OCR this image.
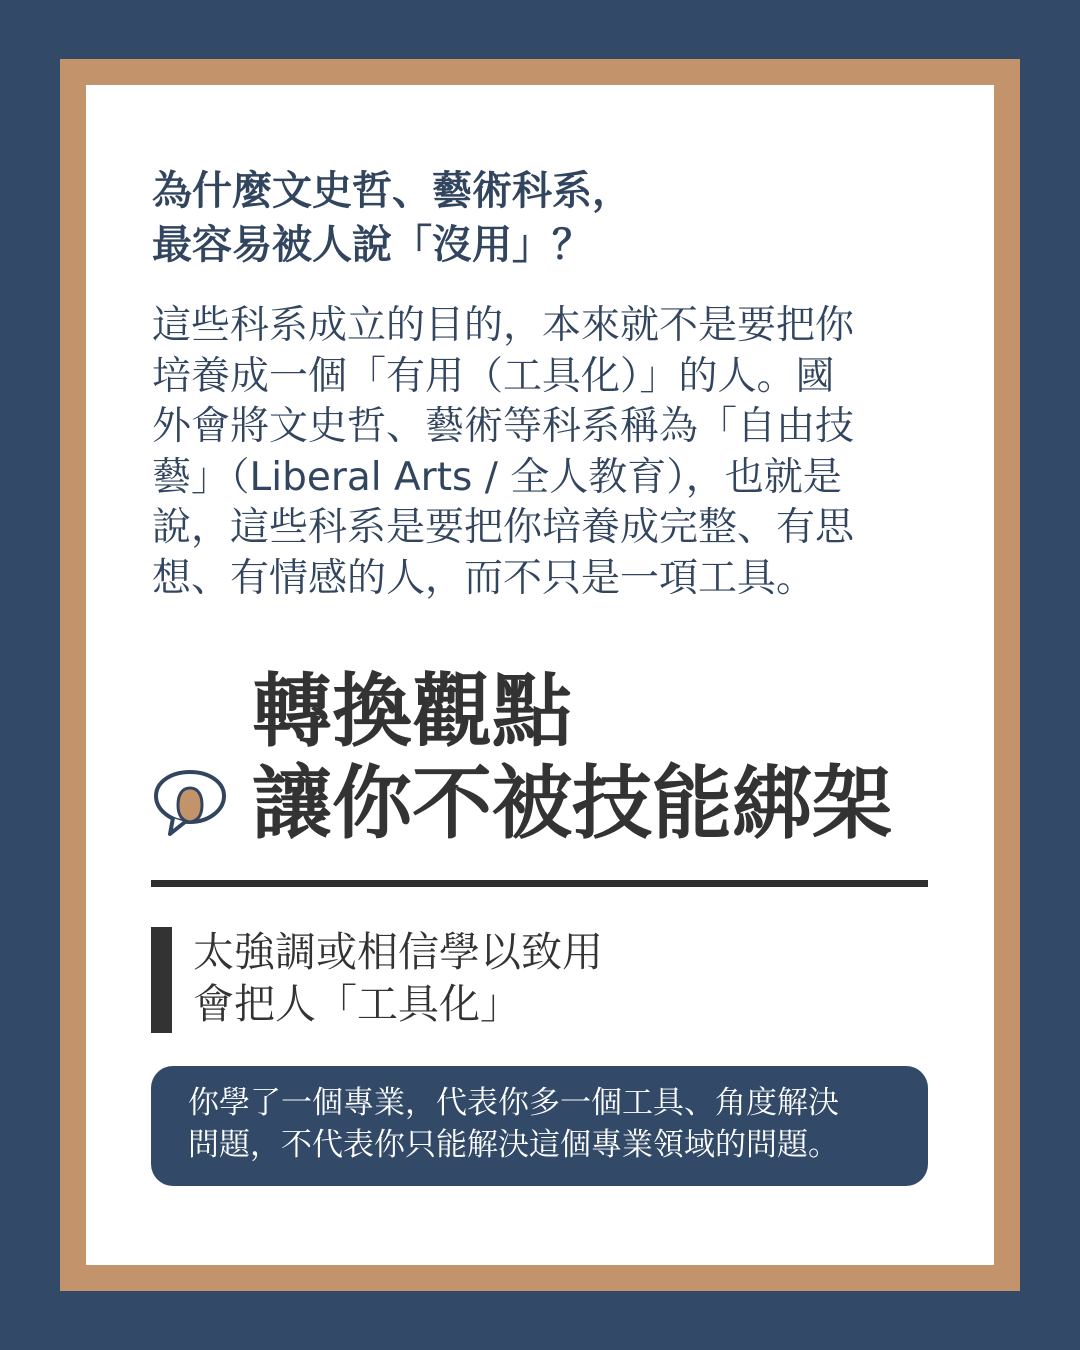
為什麼文史哲、藝術科系，
最容易被人說「沒用」？
這些科系成立的目的，本來就不是要把你
培養成一個「有用（工具化）」的人。國
外會將文史哲、藝術等科系稱為「自由技
藝」（Liberal Arts / 全人教育），也就是
說，這些科系是要把你培養成完整、有思
想、有情感的人，而不只是一項工具。
轉換觀點
讓你不被技能綁架
太強調或相信學以致用
會把人「工具化」
你學了一個專業，代表你多一個工具、角度解決
問題，不代表你只能解決這個專業領域的問題。
